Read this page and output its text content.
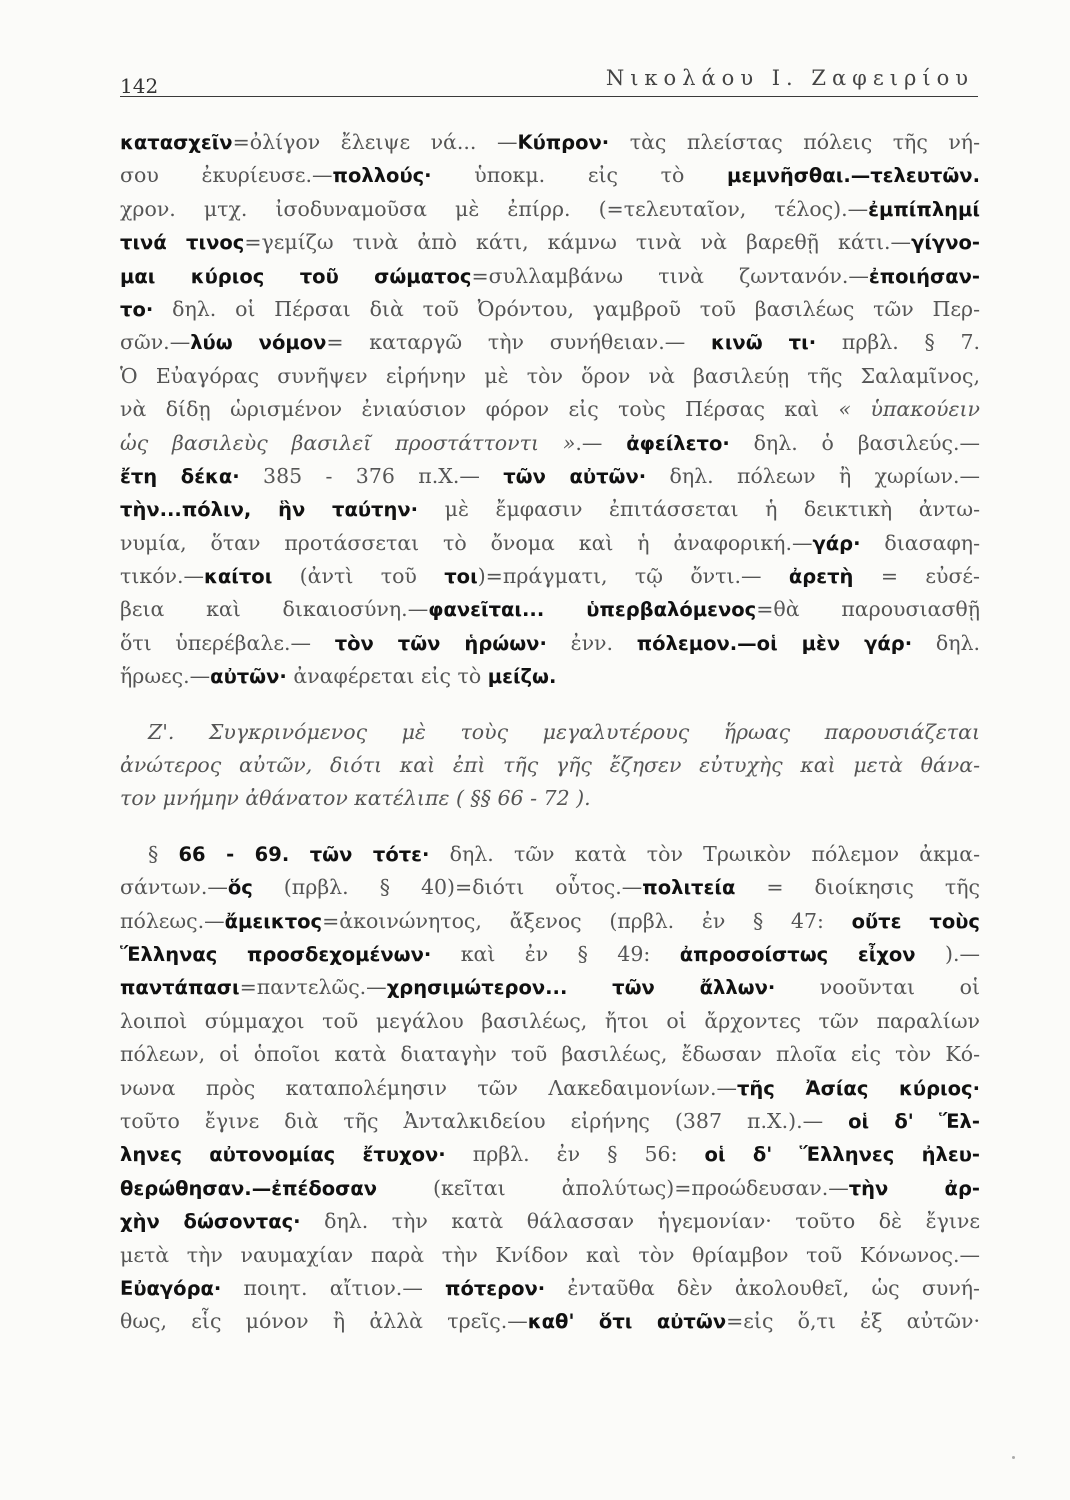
142	Νικολάου Ι. Ζαφειρίου
κατασχεῖν=ὀλίγον ἔλειψε νά... —Κύπρον· τὰς πλείστας πόλεις τῆς νή-
σου ἐκυρίευσε.—πολλούς· ὑποκμ. εἰς τὸ μεμνῆσθαι.—τελευτῶν.
χρον. μτχ. ἰσοδυναμοῦσα μὲ ἐπίρρ. (=τελευταῖον, τέλος).—ἐμπίπλημί
τινά τινος=γεμίζω τινὰ ἀπὸ κάτι, κάμνω τινὰ νὰ βαρεθῇ κάτι.—γίγνο-
μαι κύριος τοῦ σώματος=συλλαμβάνω τινὰ ζωντανόν.—ἐποιήσαν-
το· δηλ. οἱ Πέρσαι διὰ τοῦ Ὀρόντου, γαμβροῦ τοῦ βασιλέως τῶν Περ-
σῶν.—λύω νόμον= καταργῶ τὴν συνήθειαν.— κινῶ τι· πρβλ. § 7.
Ὁ Εὐαγόρας συνῆψεν εἰρήνην μὲ τὸν ὅρον νὰ βασιλεύῃ τῆς Σαλαμῖνος,
νὰ δίδῃ ὡρισμένον ἐνιαύσιον φόρον εἰς τοὺς Πέρσας καὶ « ὑπακούειν
ὡς βασιλεὺς βασιλεῖ προστάττοντι ».— ἀφείλετο· δηλ. ὁ βασιλεύς.—
ἔτη δέκα· 385 - 376 π.Χ.— τῶν αὐτῶν· δηλ. πόλεων ἢ χωρίων.—
τὴν...πόλιν, ἣν ταύτην· μὲ ἔμφασιν ἐπιτάσσεται ἡ δεικτικὴ ἀντω-
νυμία, ὅταν προτάσσεται τὸ ὄνομα καὶ ἡ ἀναφορική.—γάρ· διασαφη-
τικόν.—καίτοι (ἀντὶ τοῦ τοι)=πράγματι, τῷ ὄντι.— ἀρετὴ = εὐσέ-
βεια καὶ δικαιοσύνη.—φανεῖται... ὑπερβαλόμενος=θὰ παρουσιασθῇ
ὅτι ὑπερέβαλε.— τὸν τῶν ἡρώων· ἐνν. πόλεμον.—οἱ μὲν γάρ· δηλ.
ἥρωες.—αὐτῶν· ἀναφέρεται εἰς τὸ μείζω.
Ζ'. Συγκρινόμενος μὲ τοὺς μεγαλυτέρους ἥρωας παρουσιάζεται
ἀνώτερος αὐτῶν, διότι καὶ ἐπὶ τῆς γῆς ἔζησεν εὐτυχὴς καὶ μετὰ θάνα-
τον μνήμην ἀθάνατον κατέλιπε ( §§ 66 - 72 ).
§ 66 - 69. τῶν τότε· δηλ. τῶν κατὰ τὸν Τρωικὸν πόλεμον ἀκμα-
σάντων.—ὅς (πρβλ. § 40)=διότι οὗτος.—πολιτεία = διοίκησις τῆς
πόλεως.—ἄμεικτος=ἀκοινώνητος, ἄξενος (πρβλ. ἐν § 47: οὔτε τοὺς
Ἕλληνας προσδεχομένων· καὶ ἐν § 49: ἀπροσοίστως εἶχον ).—
παντάπασι=παντελῶς.—χρησιμώτερον... τῶν ἄλλων· νοοῦνται οἱ
λοιποὶ σύμμαχοι τοῦ μεγάλου βασιλέως, ἤτοι οἱ ἄρχοντες τῶν παραλίων
πόλεων, οἱ ὁποῖοι κατὰ διαταγὴν τοῦ βασιλέως, ἔδωσαν πλοῖα εἰς τὸν Κό-
νωνα πρὸς καταπολέμησιν τῶν Λακεδαιμονίων.—τῆς Ἀσίας κύριος·
τοῦτο ἔγινε διὰ τῆς Ἀνταλκιδείου εἰρήνης (387 π.Χ.).— οἱ δ' Ἕλ-
ληνες αὐτονομίας ἔτυχον· πρβλ. ἐν § 56: οἱ δ' Ἕλληνες ἠλευ-
θερώθησαν.—ἐπέδοσαν (κεῖται ἀπολύτως)=προώδευσαν.—τὴν ἀρ-
χὴν δώσοντας· δηλ. τὴν κατὰ θάλασσαν ἡγεμονίαν· τοῦτο δὲ ἔγινε
μετὰ τὴν ναυμαχίαν παρὰ τὴν Κνίδον καὶ τὸν θρίαμβον τοῦ Κόνωνος.—
Εὐαγόρα· ποιητ. αἴτιον.— πότερον· ἐνταῦθα δὲν ἀκολουθεῖ, ὡς συνή-
θως, εἷς μόνον ἢ ἀλλὰ τρεῖς.—καθ' ὅτι αὐτῶν=εἰς ὅ,τι ἐξ αὐτῶν·
